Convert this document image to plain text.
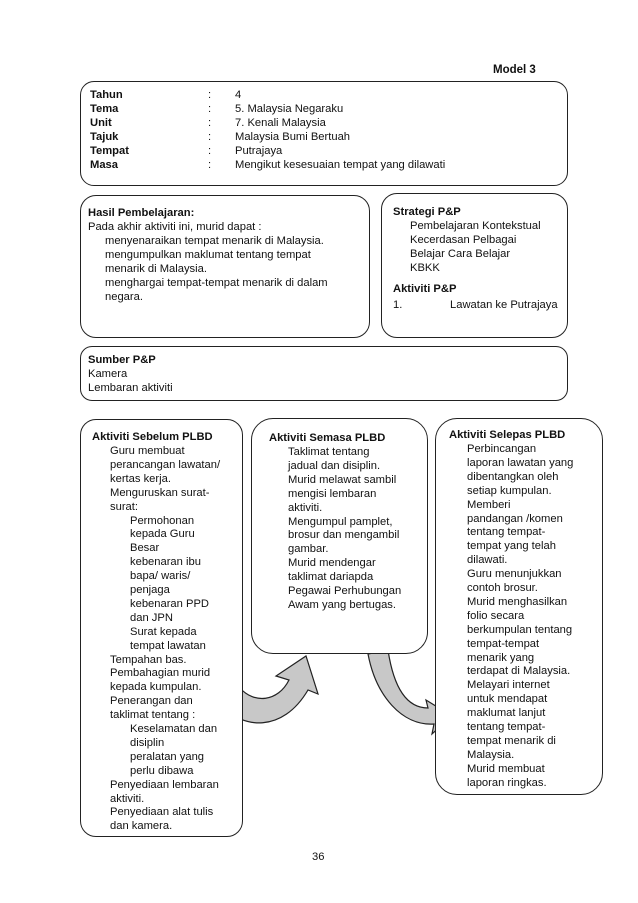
Model 3
Tahun	: 4
Tema	: 5. Malaysia Negaraku
Unit	: 7. Kenali Malaysia
Tajuk	: Malaysia Bumi Bertuah
Tempat	: Putrajaya
Masa	: Mengikut kesesuaian tempat yang dilawati
Hasil Pembelajaran:
Pada akhir aktiviti ini, murid dapat :
menyenaraikan tempat menarik di Malaysia.
mengumpulkan maklumat tentang tempat
menarik di Malaysia.
menghargai tempat-tempat menarik di dalam
negara.
Strategi P&P
Pembelajaran Kontekstual
Kecerdasan Pelbagai
Belajar Cara Belajar
KBKK
Aktiviti P&P
1.	Lawatan ke Putrajaya
Sumber P&P
Kamera
Lembaran aktiviti
Aktiviti Sebelum PLBD
Guru membuat
perancangan lawatan/
kertas kerja.
Menguruskan surat-
surat:
Permohonan
kepada Guru
Besar
kebenaran ibu
bapa/ waris/
penjaga
kebenaran PPD
dan JPN
Surat kepada
tempat lawatan
Tempahan bas.
Pembahagian murid
kepada kumpulan.
Penerangan dan
taklimat tentang :
Keselamatan dan
disiplin
peralatan yang
perlu dibawa
Penyediaan lembaran
aktiviti.
Penyediaan alat tulis
dan kamera.
Aktiviti Semasa PLBD
Taklimat tentang
jadual dan disiplin.
Murid melawat sambil
mengisi lembaran
aktiviti.
Mengumpul pamplet,
brosur dan mengambil
gambar.
Murid mendengar
taklimat dariapda
Pegawai Perhubungan
Awam yang bertugas.
Aktiviti Selepas PLBD
Perbincangan
laporan lawatan yang
dibentangkan oleh
setiap kumpulan.
Memberi
pandangan /komen
tentang tempat-
tempat yang telah
dilawati.
Guru menunjukkan
contoh brosur.
Murid menghasilkan
folio secara
berkumpulan tentang
tempat-tempat
menarik yang
terdapat di Malaysia.
Melayari internet
untuk mendapat
maklumat lanjut
tentang tempat-
tempat menarik di
Malaysia.
Murid membuat
laporan ringkas.
36
